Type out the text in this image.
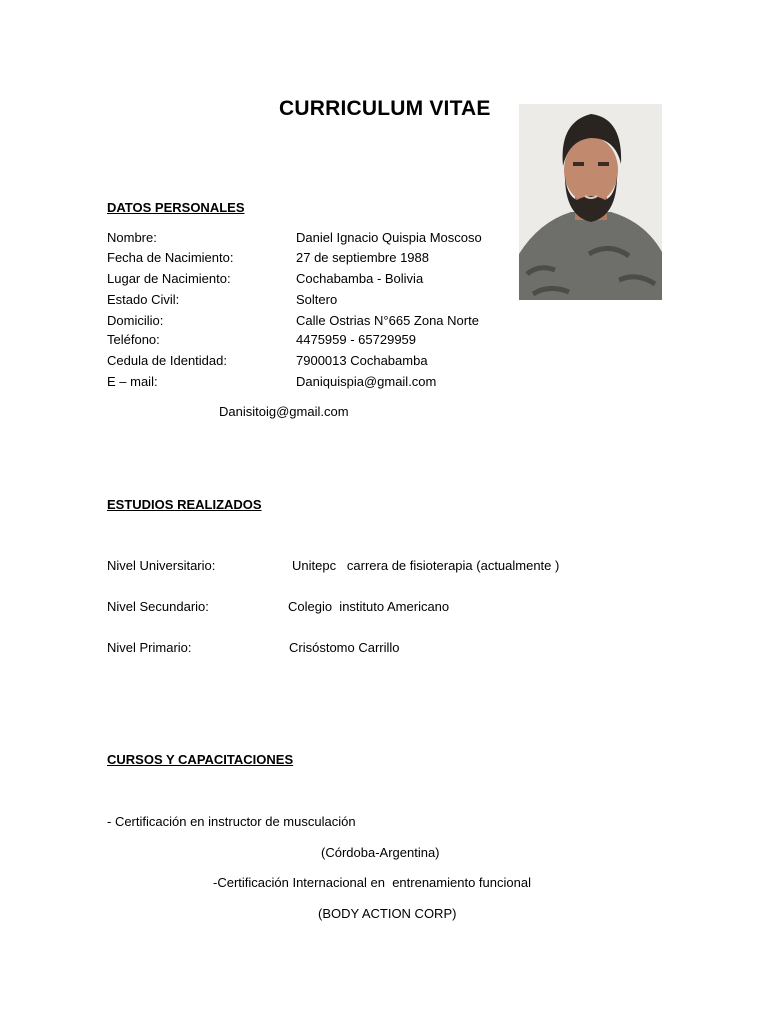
CURRICULUM VITAE
DATOS PERSONALES
Nombre:	Daniel Ignacio Quispia Moscoso
Fecha de Nacimiento:	27 de septiembre 1988
Lugar de Nacimiento:	Cochabamba - Bolivia
Estado Civil:	Soltero
Domicilio:	Calle Ostrias N°665 Zona Norte
Teléfono:	4475959 - 65729959
Cedula de Identidad:	7900013 Cochabamba
E – mail:	Daniquispia@gmail.com
Danisitoig@gmail.com
ESTUDIOS REALIZADOS
Nivel Universitario:	Unitepc   carrera de fisioterapia (actualmente )
Nivel Secundario:	Colegio  instituto Americano
Nivel Primario:	Crisóstomo Carrillo
CURSOS Y CAPACITACIONES
- Certificación en instructor de musculación
(Córdoba-Argentina)
-Certificación Internacional en  entrenamiento funcional
(BODY ACTION CORP)
